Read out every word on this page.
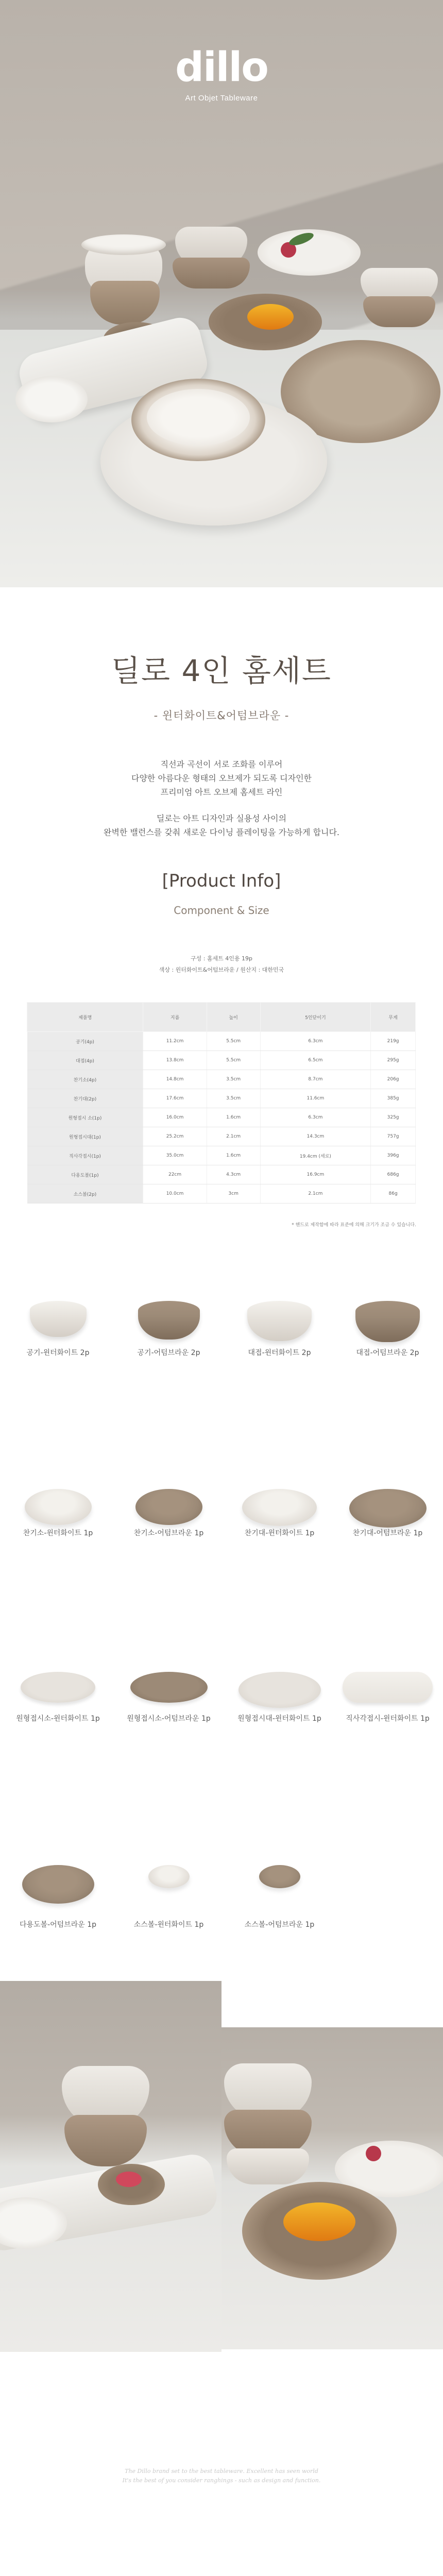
dillo
Art Objet Tableware
딜로 4인 홈세트
- 윈터화이트&어텀브라운 -
직선과 곡선이 서로 조화를 이루어
다양한 아름다운 형태의 오브제가 되도록 디자인한
프리미엄 아트 오브제 홈세트 라인
딜로는 아트 디자인과 실용성 사이의
완벽한 밸런스를 갖춰 새로운 다이닝 플레이팅을 가능하게 합니다.
[Product Info]
Component & Size
구성 : 홈세트 4인용 19p
색상 : 윈터화이트&어텀브라운 / 원산지 : 대한민국
제품명	지름	높이	5인닫이기	무게
공기(4p)	11.2cm	5.5cm	6.3cm	219g
대접(4p)	13.8cm	5.5cm	6.5cm	295g
찬기소(4p)	14.8cm	3.5cm	8.7cm	206g
찬기대(2p)	17.6cm	3.5cm	11.6cm	385g
원형접시 소(1p)	16.0cm	1.6cm	6.3cm	325g
원형접시대(1p)	25.2cm	2.1cm	14.3cm	757g
직사각접시(1p)	35.0cm	1.6cm	19.4cm (세로)	396g
다용도볼(1p)	22cm	4.3cm	16.9cm	686g
소스볼(2p)	10.0cm	3cm	2.1cm	86g
* 핸드로 제작함에 따라 표준에 의해 크기가 조금 수 있습니다.
공기-윈터화이트 2p	공기-어텀브라운 2p	대접-윈터화이트 2p	대접-어텀브라운 2p
찬기소-윈터화이트 1p	찬기소-어텀브라운 1p	찬기대-윈터화이트 1p	찬기대-어텀브라운 1p
원형접시소-윈터화이트 1p	원형접시소-어텀브라운 1p	원형접시대-윈터화이트 1p	직사각접시-윈터화이트 1p
다용도볼-어텀브라운 1p	소스볼-윈터화이트 1p	소스볼-어텀브라운 1p
The Dillo brand set to the best tableware. Excellent has seen world
It's the best of you consider ranghings - such as design and function.
